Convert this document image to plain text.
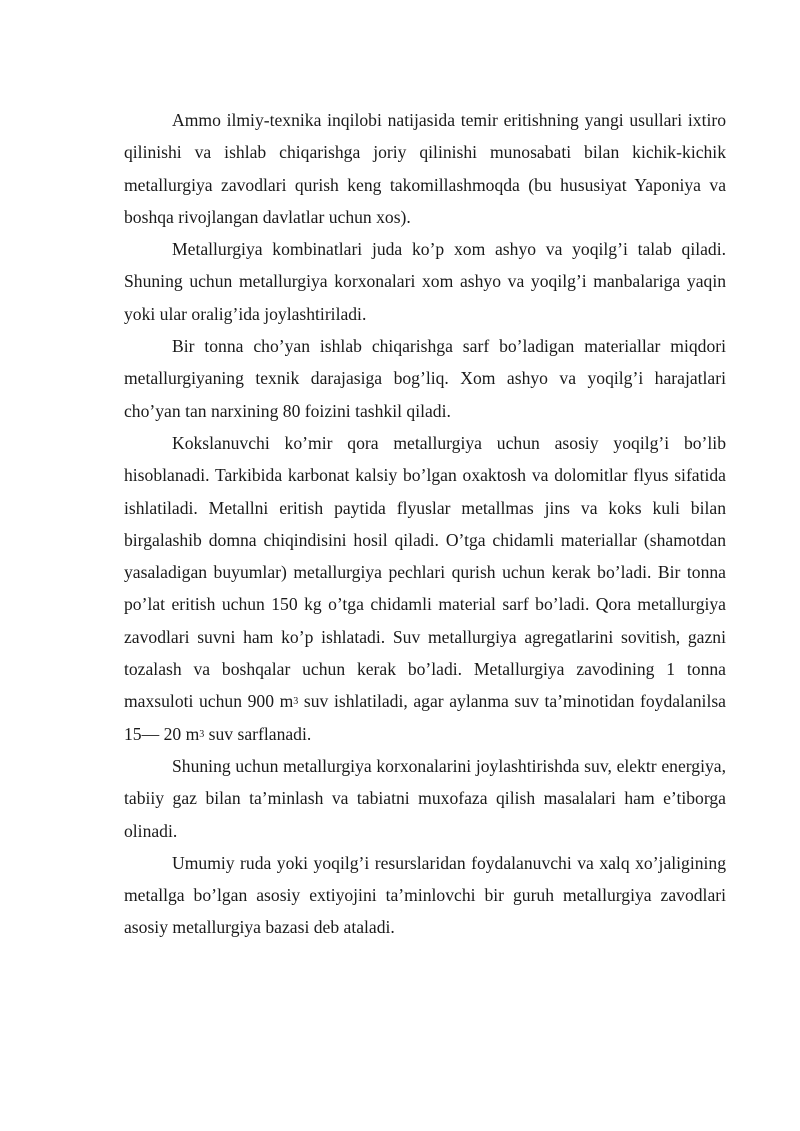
Ammo ilmiy-texnika inqilobi natijasida temir eritishning yangi usullari ixtiro qilinishi va ishlab chiqarishga joriy qilinishi munosabati bilan kichik-kichik metallurgiya zavodlari qurish keng takomillashmoqda (bu hususiyat Yaponiya va boshqa rivojlangan davlatlar uchun xos).

Metallurgiya kombinatlari juda ko’p xom ashyo va yoqilg’i talab qiladi. Shuning uchun metallurgiya korxonalari xom ashyo va yoqilg’i manbalariga yaqin yoki ular oralig’ida joylashtiriladi.

Bir tonna cho’yan ishlab chiqarishga sarf bo’ladigan materiallar miqdori metallurgiyaning texnik darajasiga bog’liq. Xom ashyo va yoqilg’i harajatlari cho’yan tan narxining 80 foizini tashkil qiladi.

Kokslanuvchi ko’mir qora metallurgiya uchun asosiy yoqilg’i bo’lib hisoblanadi. Tarkibida karbonat kalsiy bo’lgan oxaktosh va dolomitlar flyus sifatida ishlatiladi. Metallni eritish paytida flyuslar metallmas jins va koks kuli bilan birgalashib domna chiqindisini hosil qiladi. O’tga chidamli materiallar (shamotdan yasaladigan buyumlar) metallurgiya pechlari qurish uchun kerak bo’ladi. Bir tonna po’lat eritish uchun 150 kg o’tga chidamli material sarf bo’ladi. Qora metallurgiya zavodlari suvni ham ko’p ishlatadi. Suv metallurgiya agregatlarini sovitish, gazni tozalash va boshqalar uchun kerak bo’ladi. Metallurgiya zavodining 1 tonna maxsuloti uchun 900 $m^3$ suv ishlatiladi, agar aylanma suv ta’minotidan foydalanilsa 15— 20 $m^3$ suv sarflanadi.

Shuning uchun metallurgiya korxonalarini joylashtirishda suv, elektr energiya, tabiiy gaz bilan ta’minlash va tabiatni muxofaza qilish masalalari ham e’tiborga olinadi.

Umumiy ruda yoki yoqilg’i resurslaridan foydalanuvchi va xalq xo’jaligining metallga bo’lgan asosiy extiyojini ta’minlovchi bir guruh metallurgiya zavodlari asosiy metallurgiya bazasi deb ataladi.
